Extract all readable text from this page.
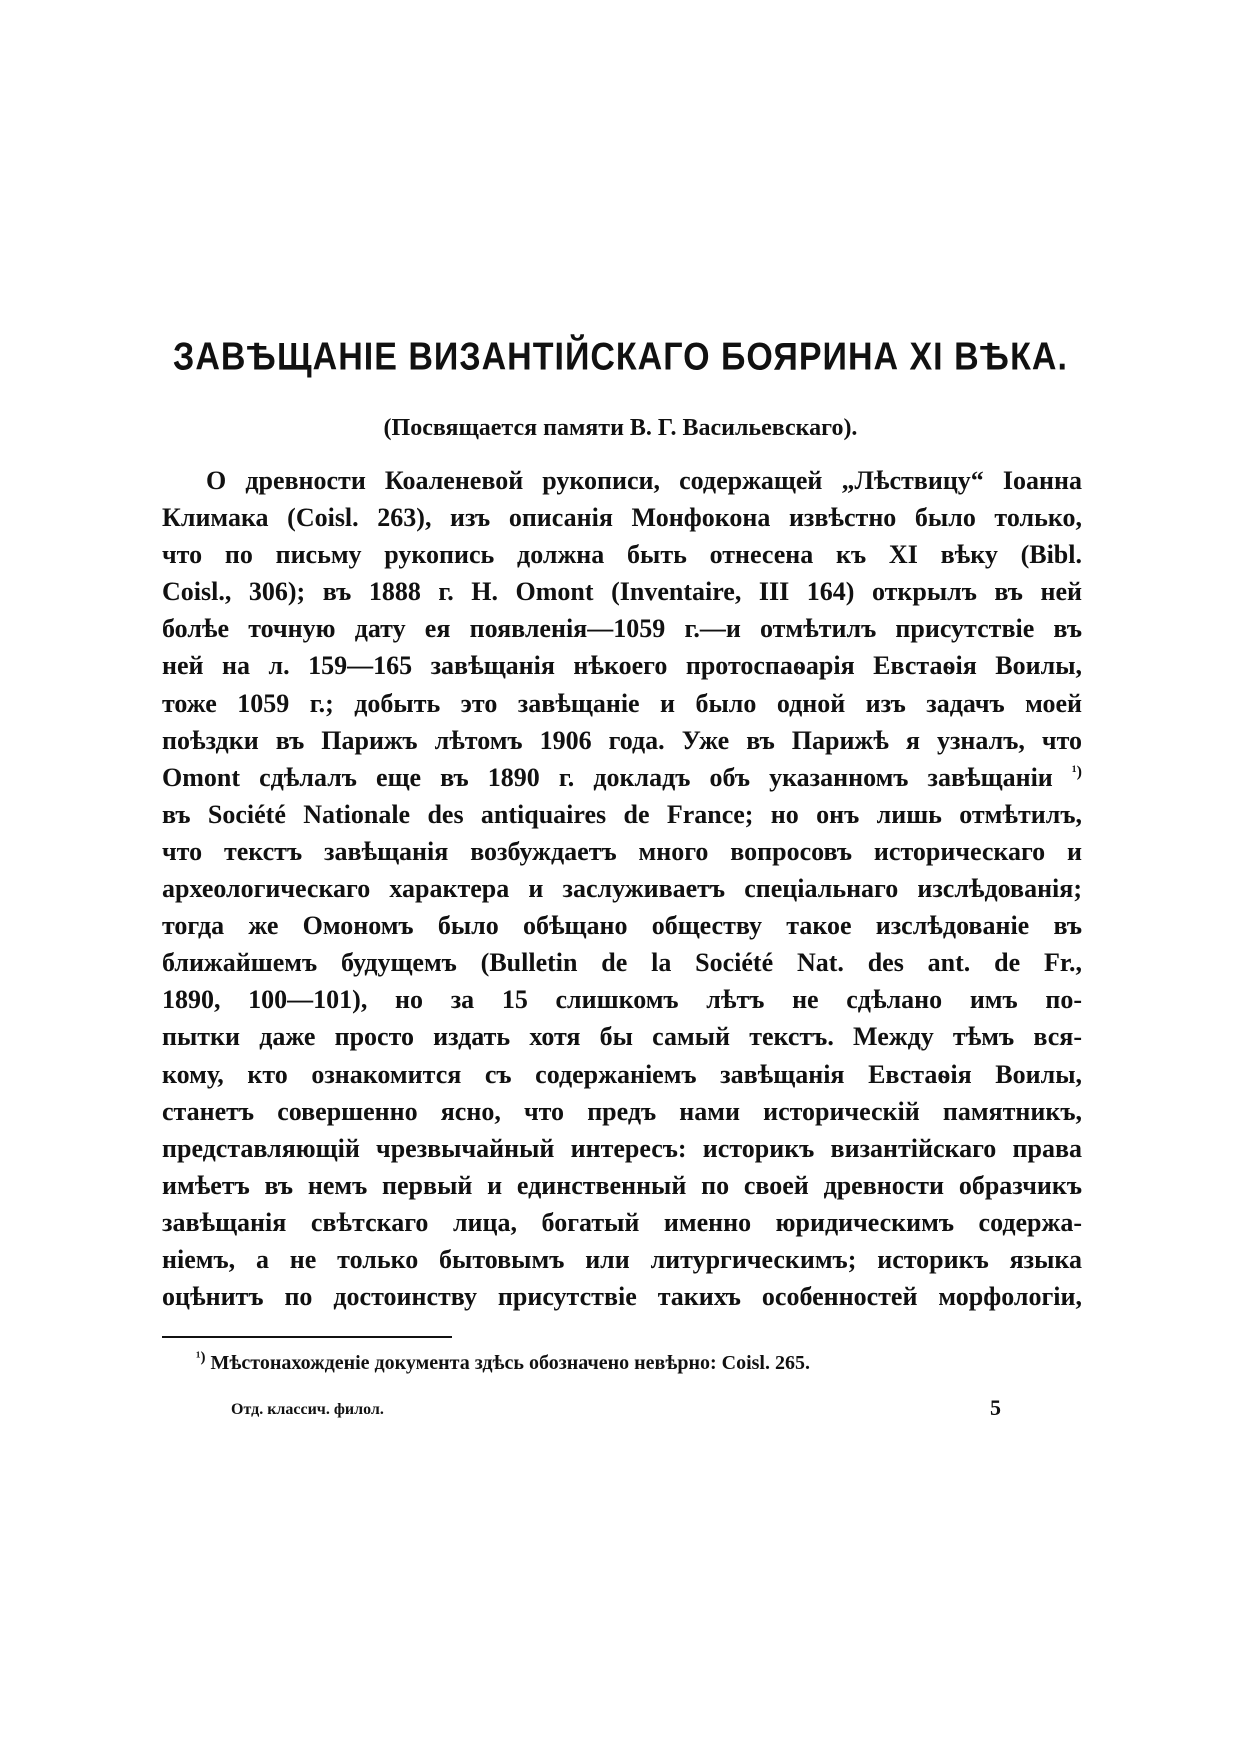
ЗАВѢЩАНІЕ ВИЗАНТІЙСКАГО БОЯРИНА XI ВѢКА.
(Посвящается памяти В. Г. Васильевскаго).
О древности Коаленевой рукописи, содержащей „Лѣствицу“ Іоанна
Климака (Coisl. 263), изъ описанія Монфокона извѣстно было только,
что по письму рукопись должна быть отнесена къ XI вѣку (Bibl.
Coisl., 306); въ 1888 г. Н. Omont (Inventaire, III 164) открылъ въ ней
болѣе точную дату ея появленія—1059 г.—и отмѣтилъ присутствіе въ
ней на л. 159—165 завѣщанія нѣкоего протоспаѳарія Евстаѳія Воилы,
тоже 1059 г.; добыть это завѣщаніе и было одной изъ задачъ моей
поѣздки въ Парижъ лѣтомъ 1906 года. Уже въ Парижѣ я узналъ, что
Omont сдѣлалъ еще въ 1890 г. докладъ объ указанномъ завѣщаніи $^{^1)}$
въ Société Nationale des antiquaires de France; но онъ лишь отмѣтилъ,
что текстъ завѣщанія возбуждаетъ много вопросовъ историческаго и
археологическаго характера и заслуживаетъ спеціальнаго изслѣдованія;
тогда же Омономъ было обѣщано обществу такое изслѣдованіе въ
ближайшемъ будущемъ (Bulletin de la Société Nat. des ant. de Fr.,
1890, 100—101), но за 15 слишкомъ лѣтъ не сдѣлано имъ по-
пытки даже просто издать хотя бы самый текстъ. Между тѣмъ вся-
кому, кто ознакомится съ содержаніемъ завѣщанія Евстаѳія Воилы,
станетъ совершенно ясно, что предъ нами историческій памятникъ,
представляющій чрезвычайный интересъ: историкъ византійскаго права
имѣетъ въ немъ первый и единственный по своей древности образчикъ
завѣщанія свѣтскаго лица, богатый именно юридическимъ содержа-
ніемъ, а не только бытовымъ или литургическимъ; историкъ языка
оцѣнитъ по достоинству присутствіе такихъ особенностей морфологіи,
$^{^1)}$ Мѣстонахожденіе документа здѣсь обозначено невѣрно: Coisl. 265.
Отд. классич. филол.	5
